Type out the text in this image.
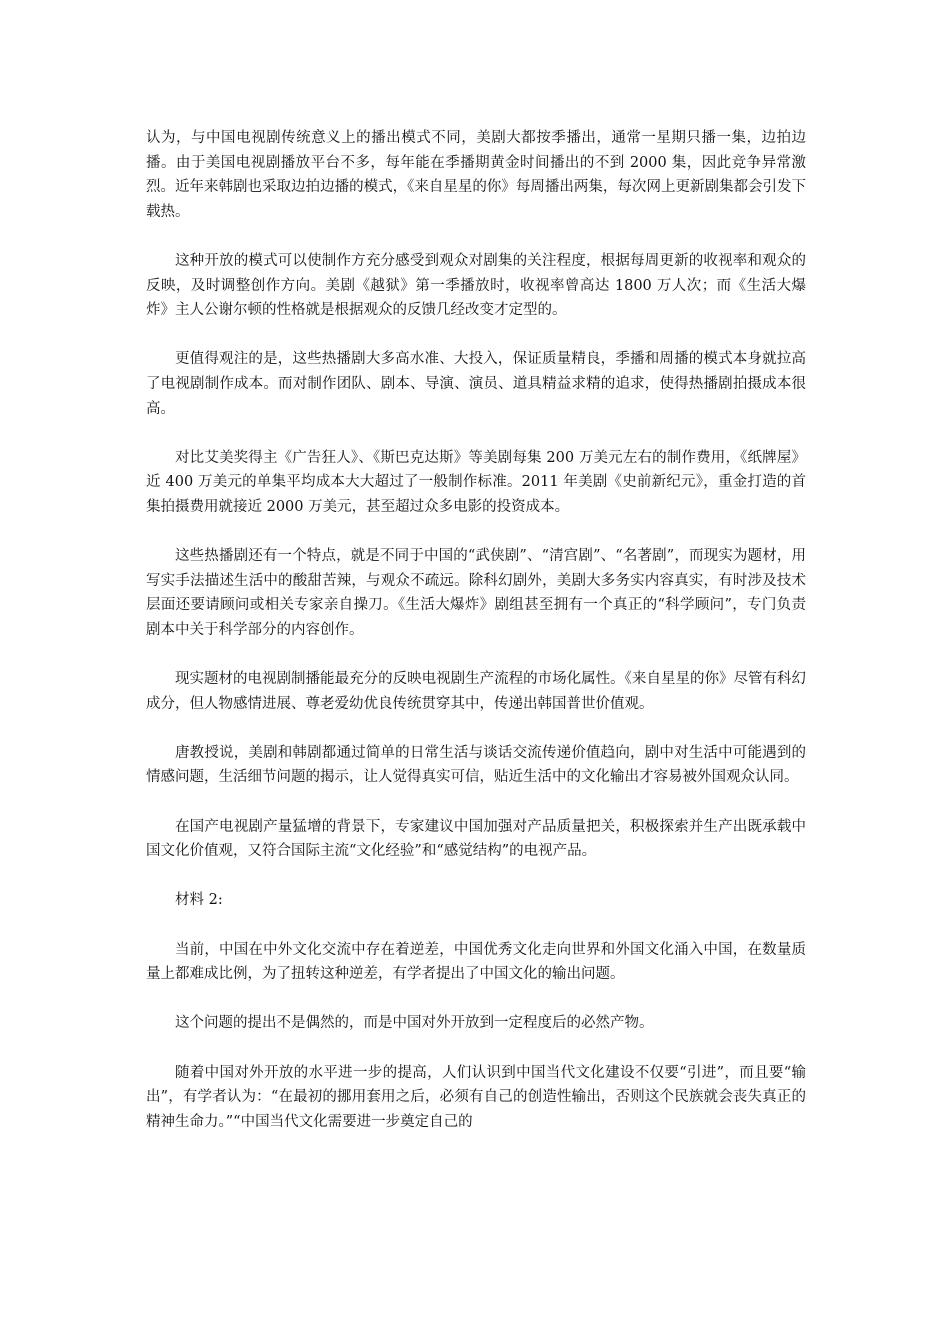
认为，与中国电视剧传统意义上的播出模式不同，美剧大都按季播出，通常一星期只播一集，边拍边播。由于美国电视剧播放平台不多，每年能在季播期黄金时间播出的不到 2000 集，因此竞争异常激烈。近年来韩剧也采取边拍边播的模式，《来自星星的你》每周播出两集，每次网上更新剧集都会引发下载热。

这种开放的模式可以使制作方充分感受到观众对剧集的关注程度，根据每周更新的收视率和观众的反映，及时调整创作方向。美剧《越狱》第一季播放时，收视率曾高达 1800 万人次；而《生活大爆炸》主人公谢尔顿的性格就是根据观众的反馈几经改变才定型的。

更值得观注的是，这些热播剧大多高水准、大投入，保证质量精良，季播和周播的模式本身就拉高了电视剧制作成本。而对制作团队、剧本、导演、演员、道具精益求精的追求，使得热播剧拍摄成本很高。

对比艾美奖得主《广告狂人》、《斯巴克达斯》等美剧每集 200 万美元左右的制作费用，《纸牌屋》近 400 万美元的单集平均成本大大超过了一般制作标准。2011 年美剧《史前新纪元》，重金打造的首集拍摄费用就接近 2000 万美元，甚至超过众多电影的投资成本。

这些热播剧还有一个特点，就是不同于中国的“武侠剧”、“清宫剧”、“名著剧”，而现实为题材，用写实手法描述生活中的酸甜苦辣，与观众不疏远。除科幻剧外，美剧大多务实内容真实，有时涉及技术层面还要请顾问或相关专家亲自操刀。《生活大爆炸》剧组甚至拥有一个真正的“科学顾问”，专门负责剧本中关于科学部分的内容创作。

现实题材的电视剧制播能最充分的反映电视剧生产流程的市场化属性。《来自星星的你》尽管有科幻成分，但人物感情进展、尊老爱幼优良传统贯穿其中，传递出韩国普世价值观。

唐教授说，美剧和韩剧都通过简单的日常生活与谈话交流传递价值趋向，剧中对生活中可能遇到的情感问题，生活细节问题的揭示，让人觉得真实可信，贴近生活中的文化输出才容易被外国观众认同。

在国产电视剧产量猛增的背景下，专家建议中国加强对产品质量把关，积极探索并生产出既承载中国文化价值观，又符合国际主流“文化经验”和“感觉结构”的电视产品。

材料 2:

当前，中国在中外文化交流中存在着逆差，中国优秀文化走向世界和外国文化涌入中国，在数量质量上都难成比例，为了扭转这种逆差，有学者提出了中国文化的输出问题。

这个问题的提出不是偶然的，而是中国对外开放到一定程度后的必然产物。

随着中国对外开放的水平进一步的提高，人们认识到中国当代文化建设不仅要“引进”，而且要“输出”，有学者认为：“在最初的挪用套用之后，必须有自己的创造性输出，否则这个民族就会丧失真正的精神生命力。”“中国当代文化需要进一步奠定自己的
